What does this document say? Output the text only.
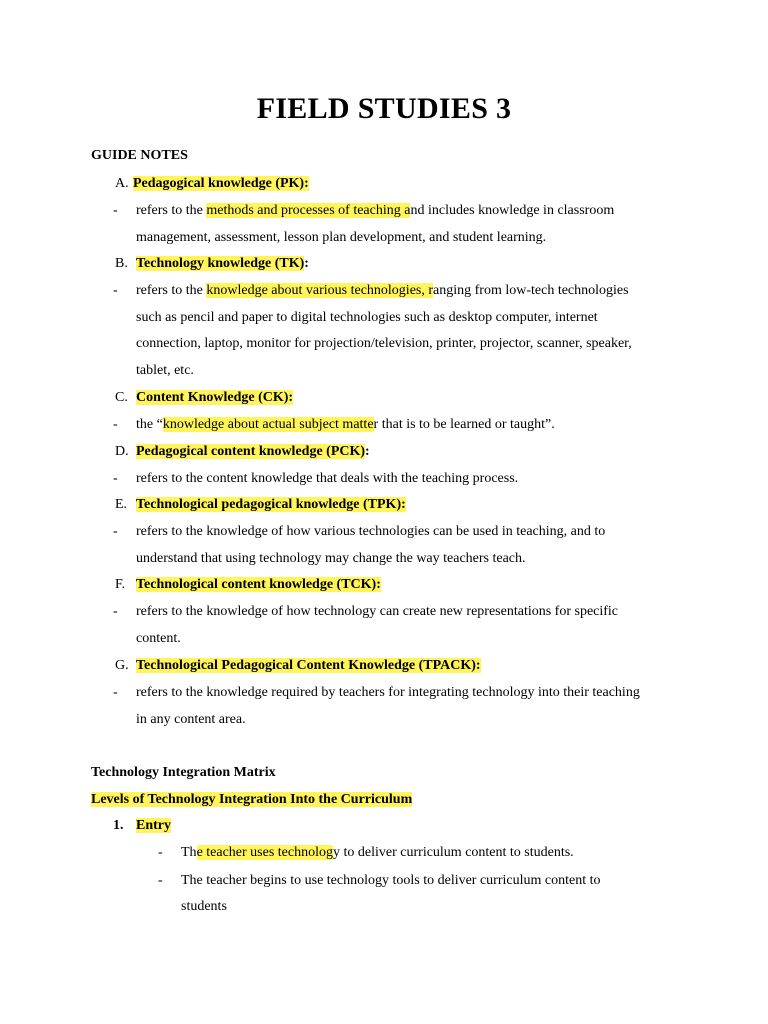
FIELD STUDIES 3
GUIDE NOTES
A. Pedagogical knowledge (PK):
- refers to the methods and processes of teaching and includes knowledge in classroom
management, assessment, lesson plan development, and student learning.
B. Technology knowledge (TK):
- refers to the knowledge about various technologies, ranging from low-tech technologies
such as pencil and paper to digital technologies such as desktop computer, internet
connection, laptop, monitor for projection/television, printer, projector, scanner, speaker,
tablet, etc.
C. Content Knowledge (CK):
- the “knowledge about actual subject matter that is to be learned or taught”.
D. Pedagogical content knowledge (PCK):
- refers to the content knowledge that deals with the teaching process.
E. Technological pedagogical knowledge (TPK):
- refers to the knowledge of how various technologies can be used in teaching, and to
understand that using technology may change the way teachers teach.
F. Technological content knowledge (TCK):
- refers to the knowledge of how technology can create new representations for specific
content.
G. Technological Pedagogical Content Knowledge (TPACK):
- refers to the knowledge required by teachers for integrating technology into their teaching
in any content area.
Technology Integration Matrix
Levels of Technology Integration Into the Curriculum
1. Entry
- The teacher uses technology to deliver curriculum content to students.
- The teacher begins to use technology tools to deliver curriculum content to
students
